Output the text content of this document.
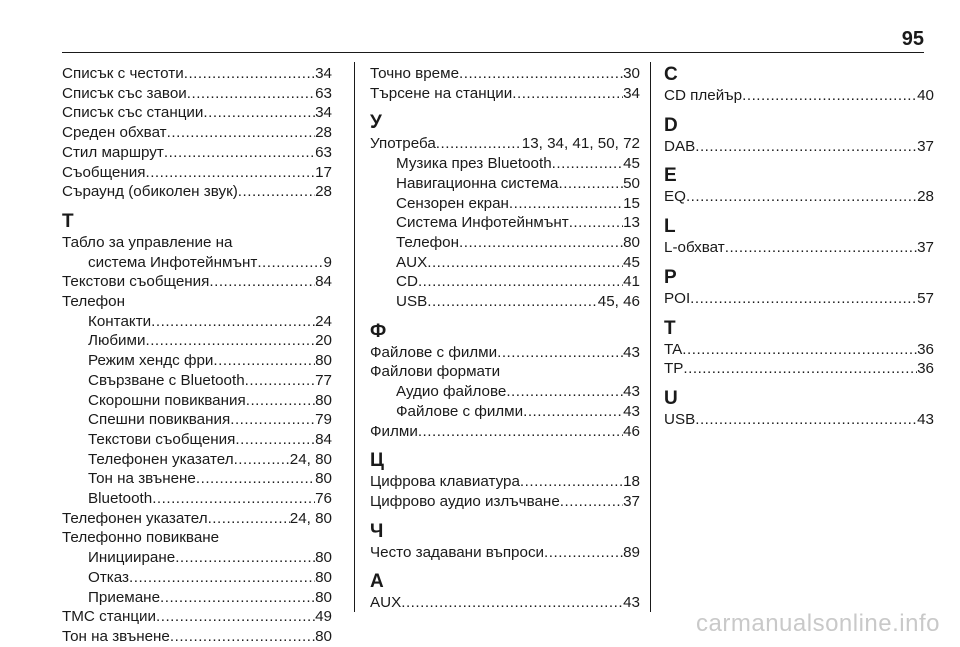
95
Списък с честоти .....	34
Списък със завои .....	63
Списък със станции .....	34
Среден обхват .....	28
Стил маршрут .....	63
Съобщения .....	17
Съраунд (обиколен звук) .....	28
Т
Табло за управление на
система Инфотейнмънт .....	9
Текстови съобщения .....	84
Телефон
Контакти .....	24
Любими .....	20
Режим хендс фри .....	80
Свързване с Bluetooth .....	77
Скорошни повиквания .....	80
Спешни повиквания .....	79
Текстови съобщения .....	84
Телефонен указател .....	24, 80
Тон на звънене .....	80
Bluetooth .....	76
Телефонен указател .....	24, 80
Телефонно повикване
Иницииране .....	80
Отказ .....	80
Приемане .....	80
TMC станции .....	49
Тон на звънене .....	80
Точно време .....	30
Търсене на станции .....	34
У
Употреба .....	13, 34, 41, 50, 72
Музика през Bluetooth .....	45
Навигационна система .....	50
Сензорен екран .....	15
Система Инфотейнмънт .....	13
Телефон .....	80
AUX .....	45
CD .....	41
USB .....	45, 46
Ф
Файлове с филми .....	43
Файлови формати
Аудио файлове .....	43
Файлове с филми .....	43
Филми .....	46
Ц
Цифрова клавиатура .....	18
Цифрово аудио излъчване .....	37
Ч
Често задавани въпроси .....	89
А
AUX .....	43
C
CD плейър .....	40
D
DAB .....	37
E
EQ .....	28
L
L-обхват .....	37
P
POI .....	57
T
TA .....	36
TP .....	36
U
USB .....	43
carmanualsonline.info
